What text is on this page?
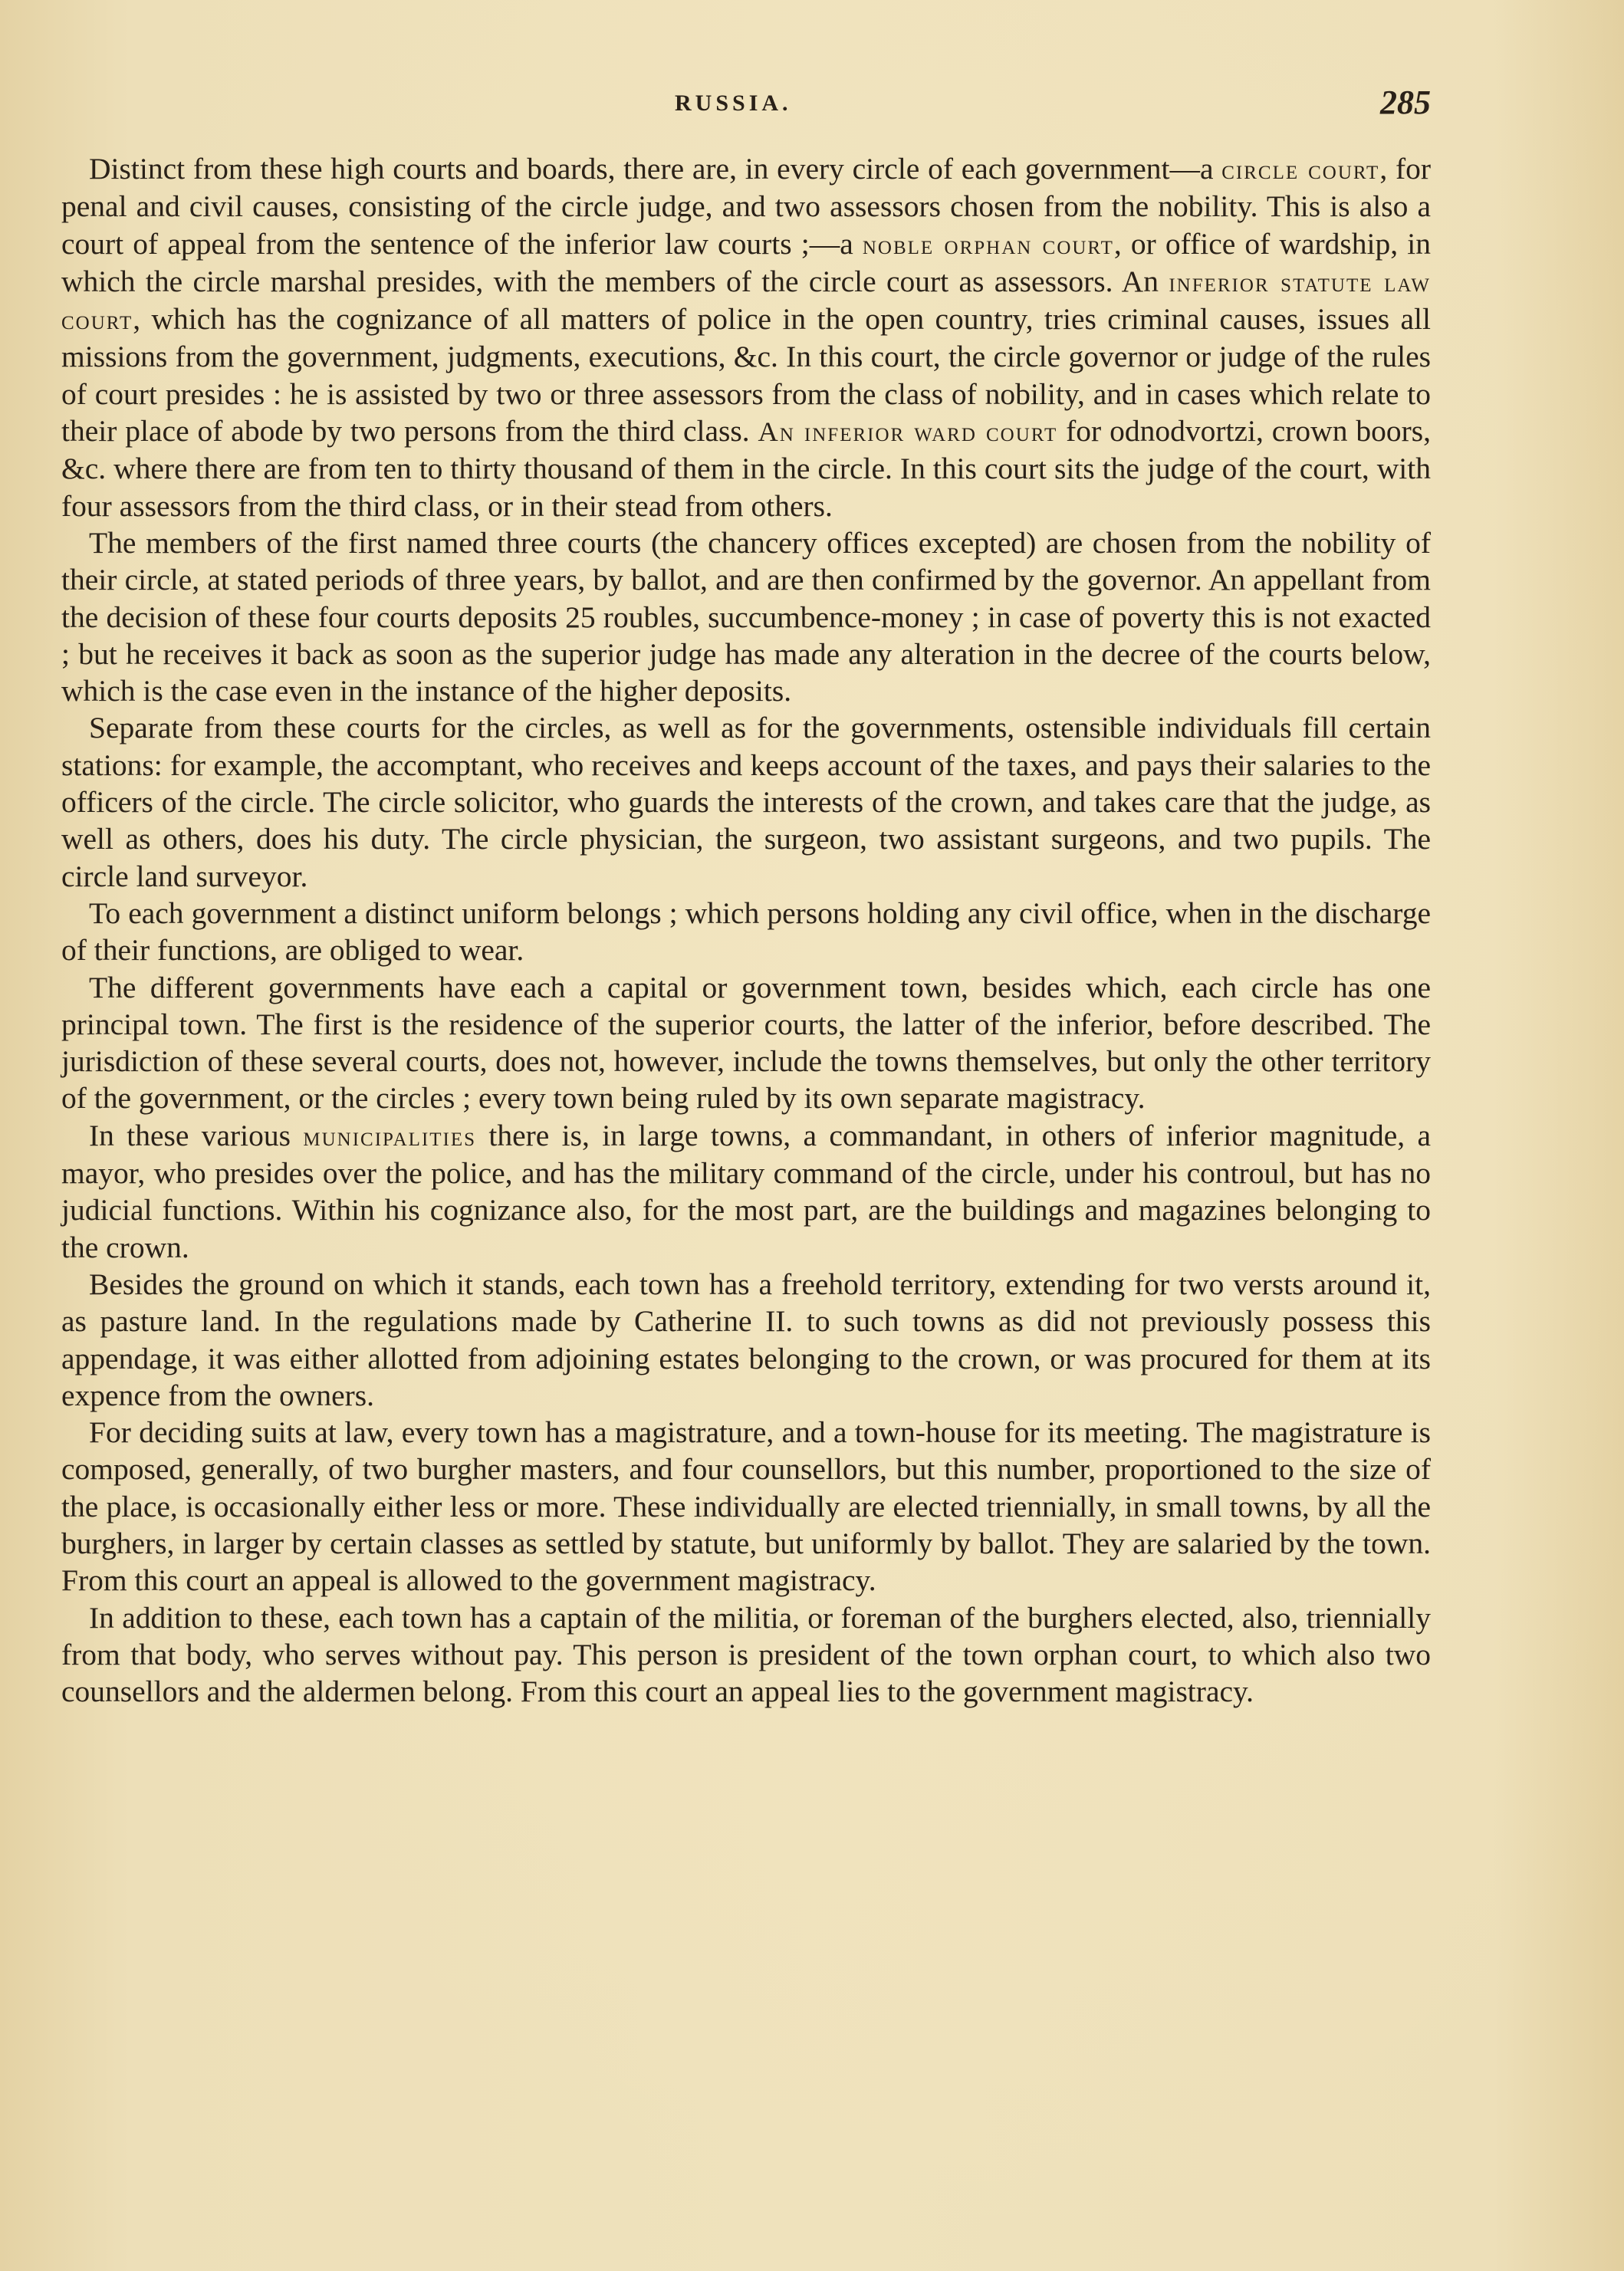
RUSSIA.	285

Distinct from these high courts and boards, there are, in every circle of each government—a circle court, for penal and civil causes, consisting of the circle judge, and two assessors chosen from the nobility. This is also a court of appeal from the sentence of the inferior law courts ;—a noble orphan court, or office of wardship, in which the circle marshal presides, with the members of the circle court as assessors. An inferior statute law court, which has the cognizance of all matters of police in the open country, tries criminal causes, issues all missions from the government, judgments, executions, &c. In this court, the circle governor or judge of the rules of court presides : he is assisted by two or three assessors from the class of nobility, and in cases which relate to their place of abode by two persons from the third class. An inferior ward court for odnodvortzi, crown boors, &c. where there are from ten to thirty thousand of them in the circle. In this court sits the judge of the court, with four assessors from the third class, or in their stead from others.

The members of the first named three courts (the chancery offices excepted) are chosen from the nobility of their circle, at stated periods of three years, by ballot, and are then confirmed by the governor. An appellant from the decision of these four courts deposits 25 roubles, succumbence-money ; in case of poverty this is not exacted ; but he receives it back as soon as the superior judge has made any alteration in the decree of the courts below, which is the case even in the instance of the higher deposits.

Separate from these courts for the circles, as well as for the governments, ostensible individuals fill certain stations: for example, the accomptant, who receives and keeps account of the taxes, and pays their salaries to the officers of the circle. The circle solicitor, who guards the interests of the crown, and takes care that the judge, as well as others, does his duty. The circle physician, the surgeon, two assistant surgeons, and two pupils. The circle land surveyor.

To each government a distinct uniform belongs ; which persons holding any civil office, when in the discharge of their functions, are obliged to wear.

The different governments have each a capital or government town, besides which, each circle has one principal town. The first is the residence of the superior courts, the latter of the inferior, before described. The jurisdiction of these several courts, does not, however, include the towns themselves, but only the other territory of the government, or the circles ; every town being ruled by its own separate magistracy.

In these various municipalities there is, in large towns, a commandant, in others of inferior magnitude, a mayor, who presides over the police, and has the military command of the circle, under his controul, but has no judicial functions. Within his cognizance also, for the most part, are the buildings and magazines belonging to the crown.

Besides the ground on which it stands, each town has a freehold territory, extending for two versts around it, as pasture land. In the regulations made by Catherine II. to such towns as did not previously possess this appendage, it was either allotted from adjoining estates belonging to the crown, or was procured for them at its expence from the owners.

For deciding suits at law, every town has a magistrature, and a town-house for its meeting. The magistrature is composed, generally, of two burgher masters, and four counsellors, but this number, proportioned to the size of the place, is occasionally either less or more. These individually are elected triennially, in small towns, by all the burghers, in larger by certain classes as settled by statute, but uniformly by ballot. They are salaried by the town. From this court an appeal is allowed to the government magistracy.

In addition to these, each town has a captain of the militia, or foreman of the burghers elected, also, triennially from that body, who serves without pay. This person is president of the town orphan court, to which also two counsellors and the aldermen belong. From this court an appeal lies to the government magistracy.
